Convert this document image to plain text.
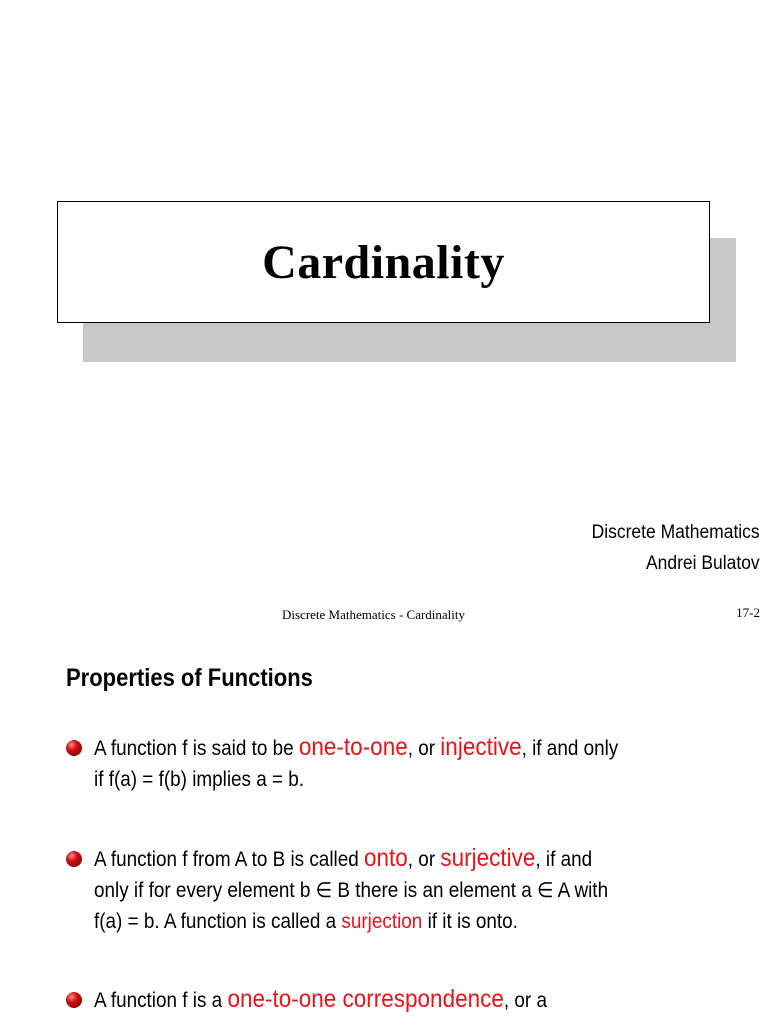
Cardinality
Discrete Mathematics
Andrei Bulatov
Discrete Mathematics - Cardinality	17-2
Properties of Functions
A function f is said to be one-to-one, or injective, if and only
if f(a) = f(b) implies a = b.
A function f from A to B is called onto, or surjective, if and
only if for every element b ∈ B there is an element a ∈ A with
f(a) = b. A function is called a surjection if it is onto.
A function f is a one-to-one correspondence, or a
